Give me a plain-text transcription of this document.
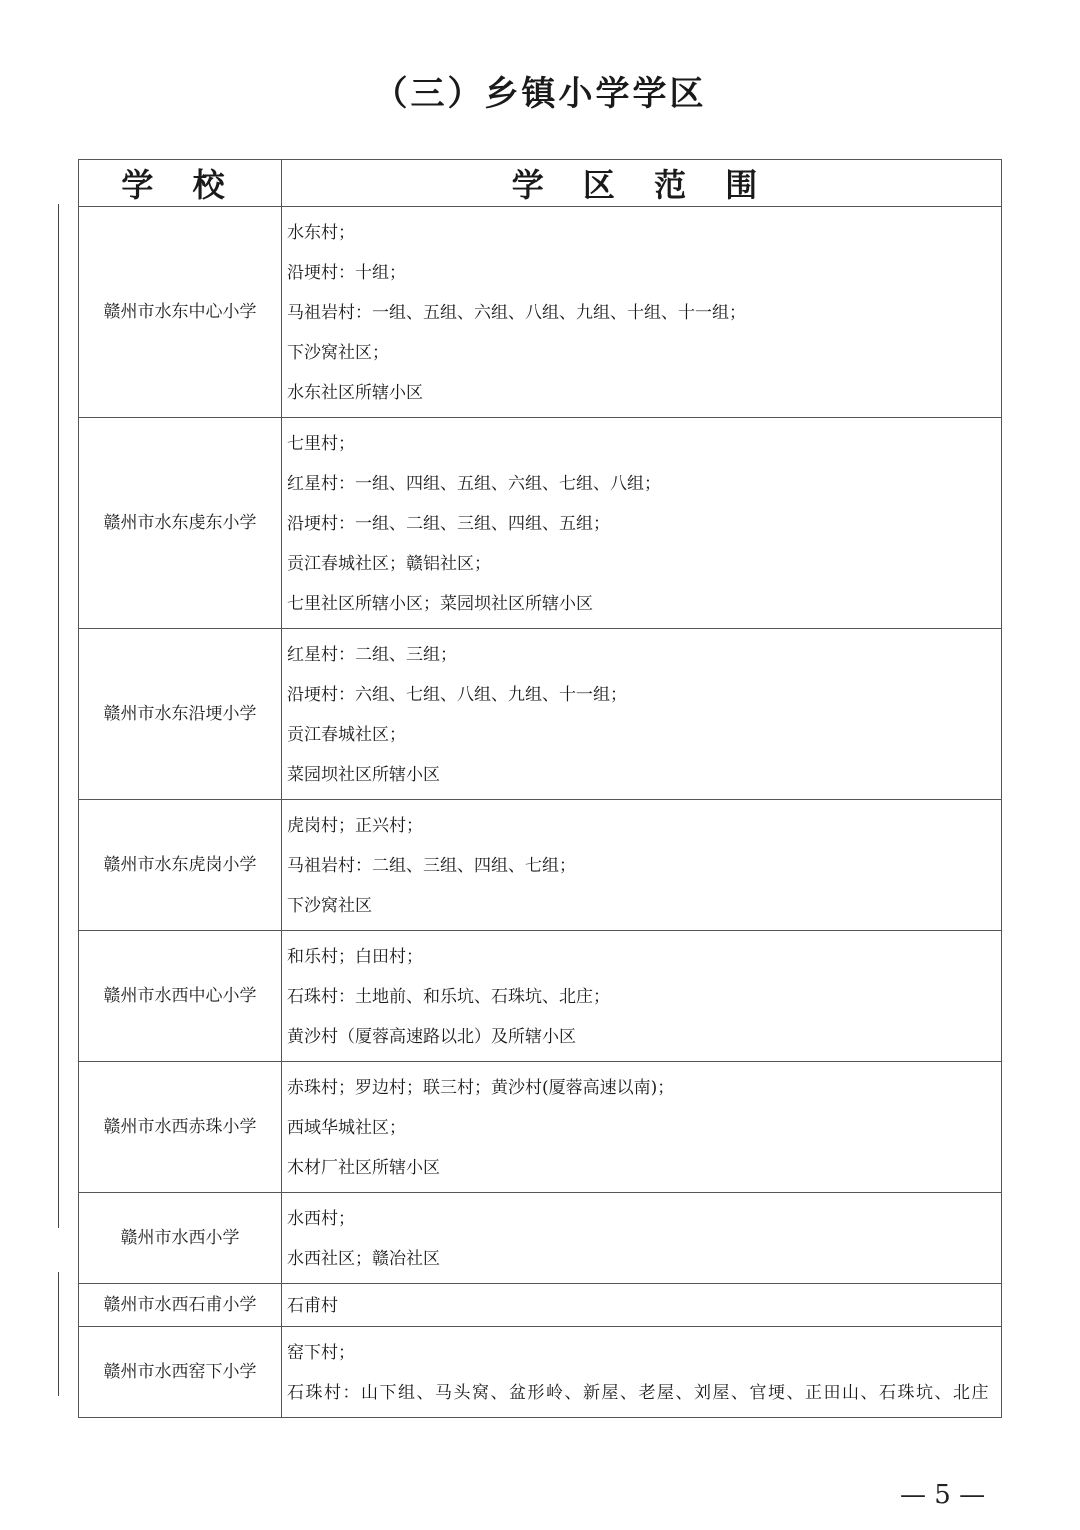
（三）乡镇小学学区
学 校	学 区 范 围
赣州市水东中心小学	水东村；
沿埂村：十组；
马祖岩村：一组、五组、六组、八组、九组、十组、十一组；
下沙窝社区；
水东社区所辖小区

赣州市水东虔东小学	七里村；
红星村：一组、四组、五组、六组、七组、八组；
沿埂村：一组、二组、三组、四组、五组；
贡江春城社区；赣铝社区；
七里社区所辖小区；菜园坝社区所辖小区

赣州市水东沿埂小学	红星村：二组、三组；
沿埂村：六组、七组、八组、九组、十一组；
贡江春城社区；
菜园坝社区所辖小区

赣州市水东虎岗小学	虎岗村；正兴村；
马祖岩村：二组、三组、四组、七组；
下沙窝社区

赣州市水西中心小学	和乐村；白田村；
石珠村：土地前、和乐坑、石珠坑、北庄；
黄沙村（厦蓉高速路以北）及所辖小区

赣州市水西赤珠小学	赤珠村；罗边村；联三村；黄沙村(厦蓉高速以南)；
西域华城社区；
木材厂社区所辖小区

赣州市水西小学	水西村；
水西社区；赣冶社区

赣州市水西石甫小学	石甫村

赣州市水西窑下小学	窑下村；
石珠村：山下组、马头窝、盆形岭、新屋、老屋、刘屋、官埂、正田山、石珠坑、北庄
— 5 —
